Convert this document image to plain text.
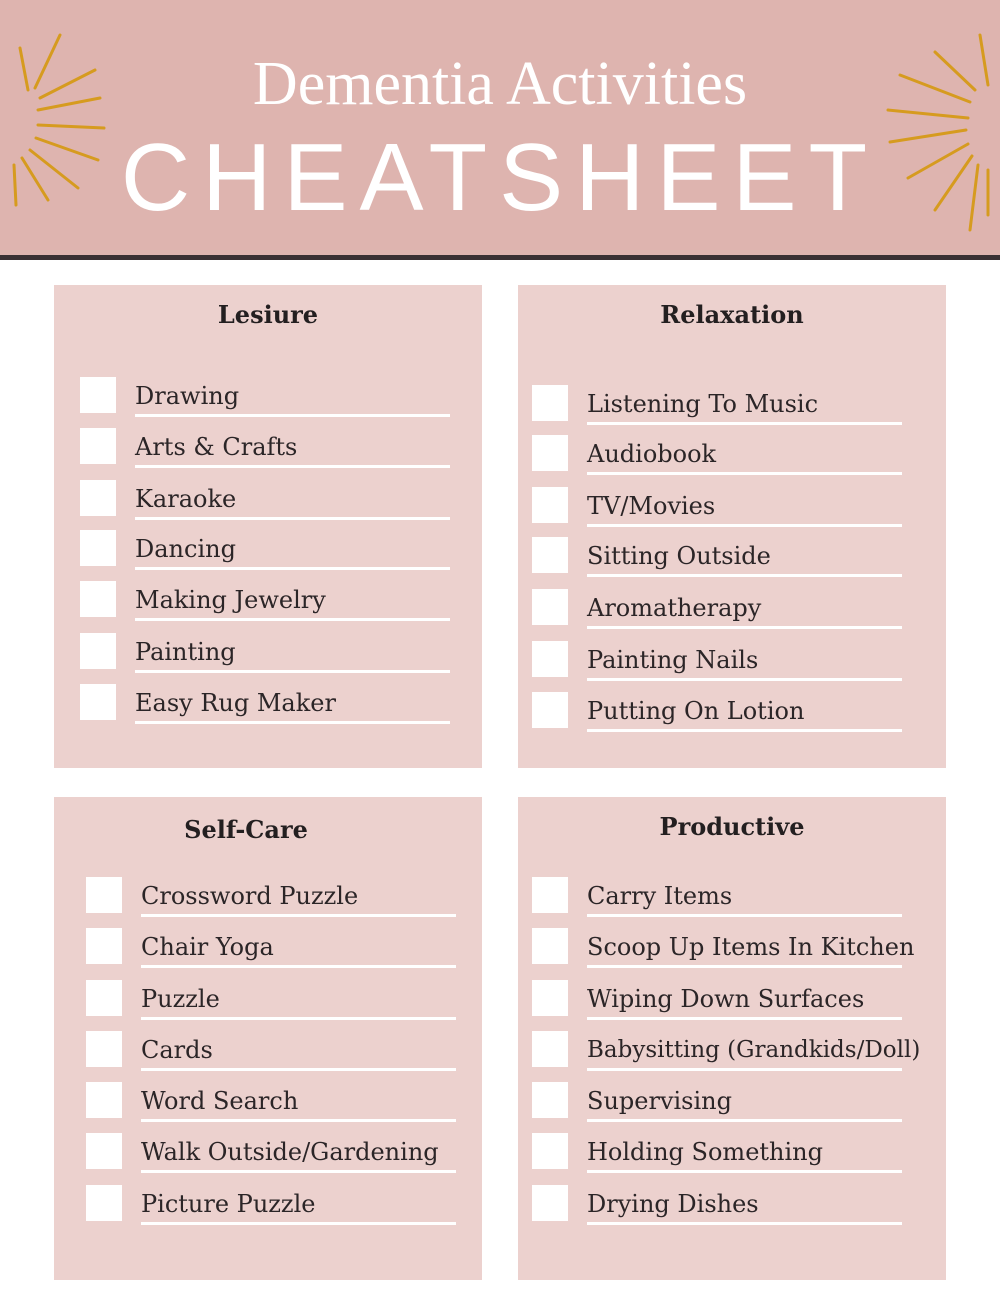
Dementia Activities
CHEATSHEET
Lesiure
Drawing
Arts & Crafts
Karaoke
Dancing
Making Jewelry
Painting
Easy Rug Maker
Relaxation
Listening To Music
Audiobook
TV/Movies
Sitting Outside
Aromatherapy
Painting Nails
Putting On Lotion
Self-Care
Crossword Puzzle
Chair Yoga
Puzzle
Cards
Word Search
Walk Outside/Gardening
Picture Puzzle
Productive
Carry Items
Scoop Up Items In Kitchen
Wiping Down Surfaces
Babysitting (Grandkids/Doll)
Supervising
Holding Something
Drying Dishes
